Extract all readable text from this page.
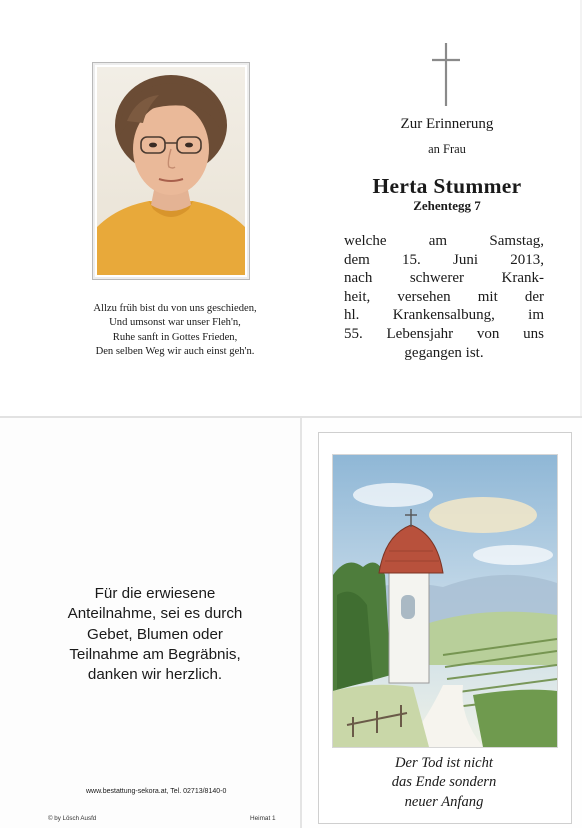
Allzu früh bist du von uns geschieden,
Und umsonst war unser Fleh'n,
Ruhe sanft in Gottes Frieden,
Den selben Weg wir auch einst geh'n.
Zur Erinnerung
an Frau
Herta Stummer
Zehentegg 7
welche am Samstag,
dem 15. Juni 2013,
nach schwerer Krank-
heit, versehen mit der
hl. Krankensalbung, im
55. Lebensjahr von uns
gegangen ist.
Für die erwiesene
Anteilnahme, sei es durch
Gebet, Blumen oder
Teilnahme am Begräbnis,
danken wir herzlich.
www.bestattung-sekora.at, Tel. 02713/8140-0
© by Lösch Ausfd	Heimat 1
Der Tod ist nicht
das Ende sondern
neuer Anfang
